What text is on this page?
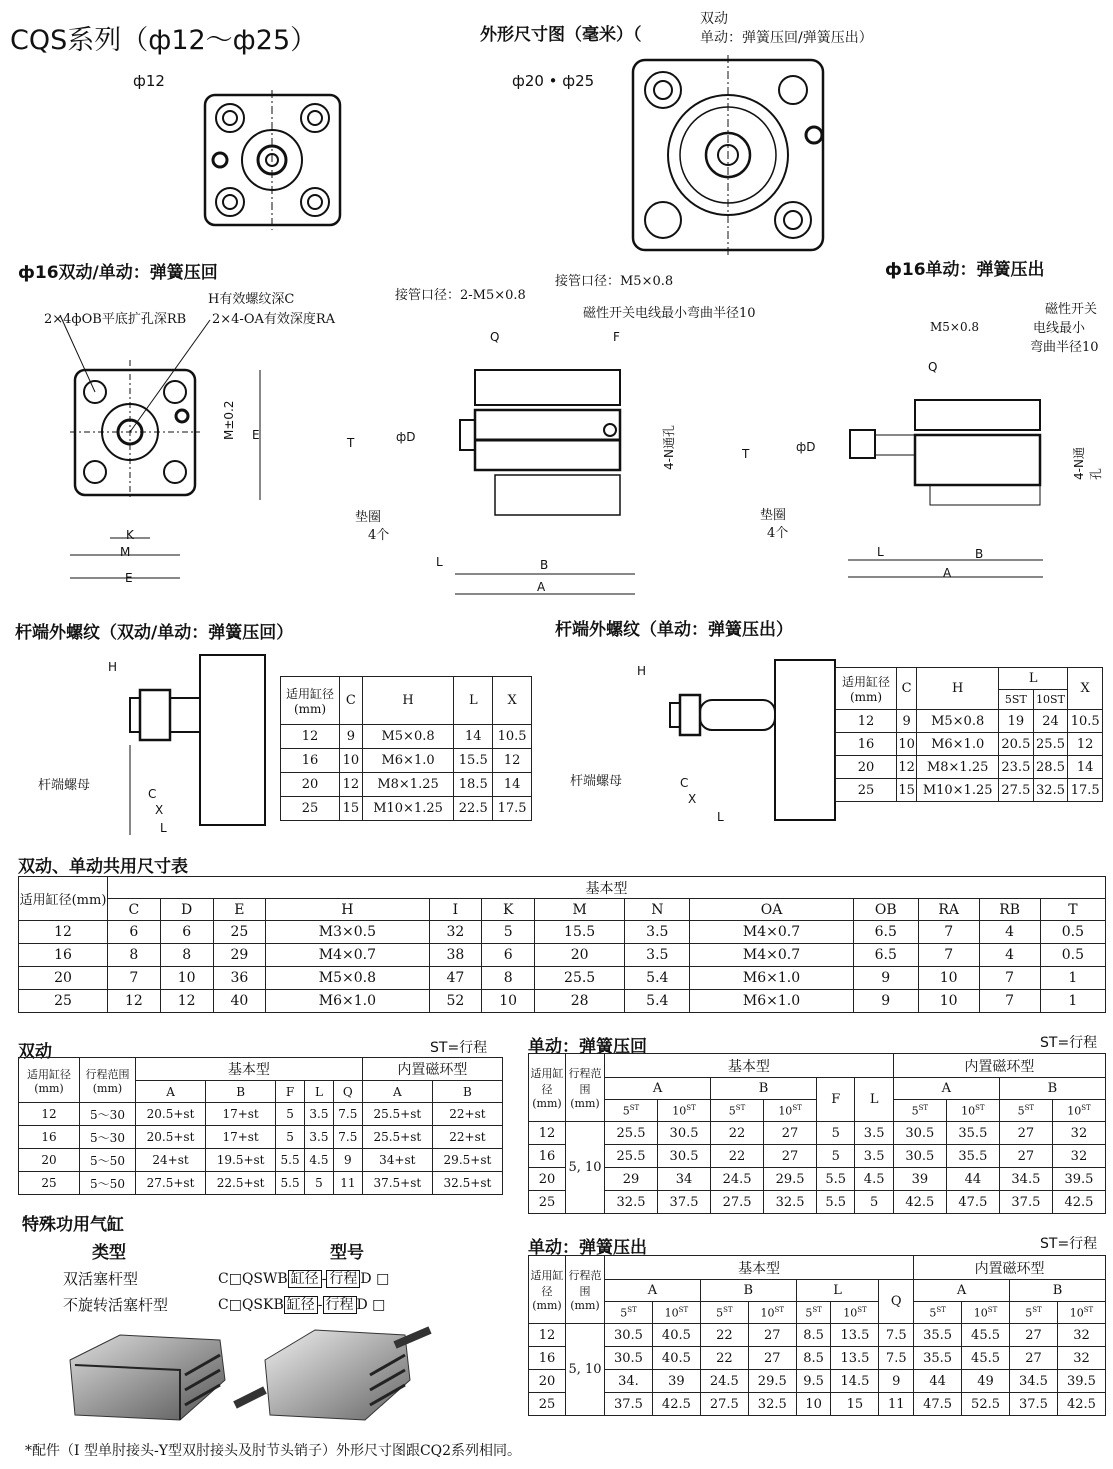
CQS系列（ф12～ф25）	外形尺寸图（毫米）（
双动
单动：弹簧压回/弹簧压出）
ф12	ф20 • ф25
ф16双动/单动：弹簧压回	ф16单动：弹簧压出
2×4фOB平底扩孔深RB
H有效螺纹深C
2×4-OA有效深度RA
M±0.2 E
K
M
E
接管口径：2-M5×0.8
接管口径：M5×0.8
磁性开关电线最小弯曲半径10
Q	F
T	фD	4-N通孔
垫圈
4个
L	B
A
M5×0.8
磁性开关
电线最小
弯曲半径10
Q
T	фD
4-N通孔
垫圈
4个
L	B
A
杆端外螺纹（双动/单动：弹簧压回）	杆端外螺纹（单动：弹簧压出）
H
杆端螺母
C
X
L
适用缸径(mm)	C	H	L	X
12	9	M5×0.8	14	10.5
16	10	M6×1.0	15.5	12
20	12	M8×1.25	18.5	14
25	15	M10×1.25	22.5	17.5
H
杆端螺母	C
X
L
适用缸径(mm)	C	H	L		X
			5ST	10ST	
12	9	M5×0.8	19	24	10.5
16	10	M6×1.0	20.5	25.5	12
20	12	M8×1.25	23.5	28.5	14
25	15	M10×1.25	27.5	32.5	17.5
双动、单动共用尺寸表
适用缸径(mm)	基本型												
	C	D	E	H	I	K	M	N	OA	OB	RA	RB	T
12	6	6	25	M3×0.5	32	5	15.5	3.5	M4×0.7	6.5	7	4	0.5
16	8	8	29	M4×0.7	38	6	20	3.5	M4×0.7	6.5	7	4	0.5
20	7	10	36	M5×0.8	47	8	25.5	5.4	M6×1.0	9	10	7	1
25	12	12	40	M6×1.0	52	10	28	5.4	M6×1.0	9	10	7	1
双动	ST=行程
适用缸径(mm)	行程范围(mm)	基本型					内置磁环型	
		A	B	F	L	Q	A	B
12	5～30	20.5+st	17+st	5	3.5	7.5	25.5+st	22+st
16	5～30	20.5+st	17+st	5	3.5	7.5	25.5+st	22+st
20	5～50	24+st	19.5+st	5.5	4.5	9	34+st	29.5+st
25	5～50	27.5+st	22.5+st	5.5	5	11	37.5+st	32.5+st
单动：弹簧压回	ST=行程
适用缸径(mm)	行程范围(mm)	基本型						内置磁环型			
		A		B		F	L	A		B	
		5ST	10ST	5ST	10ST			5ST	10ST	5ST	10ST
12	5, 10	25.5	30.5	22	27	5	3.5	30.5	35.5	27	32
16		25.5	30.5	22	27	5	3.5	30.5	35.5	27	32
20		29	34	24.5	29.5	5.5	4.5	39	44	34.5	39.5
25		32.5	37.5	27.5	32.5	5.5	5	42.5	47.5	37.5	42.5
特殊功用气缸
类型	型号
双活塞杆型	C□QSWB 缸径 - 行程 D □
不旋转活塞杆型	C□QSKB 缸径 - 行程 D □
单动：弹簧压出	ST=行程
适用缸径(mm)	行程范围(mm)	基本型							内置磁环型			
		A		B		L		Q	A		B	
		5ST	10ST	5ST	10ST	5ST	10ST		5ST	10ST	5ST	10ST
12	5, 10	30.5	40.5	22	27	8.5	13.5	7.5	35.5	45.5	27	32
16		30.5	40.5	22	27	8.5	13.5	7.5	35.5	45.5	27	32
20		34.	39	24.5	29.5	9.5	14.5	9	44	49	34.5	39.5
25		37.5	42.5	27.5	32.5	10	15	11	47.5	52.5	37.5	42.5
*配件（I 型单肘接头-Y型双肘接头及肘节头销子）外形尺寸图跟CQ2系列相同。
